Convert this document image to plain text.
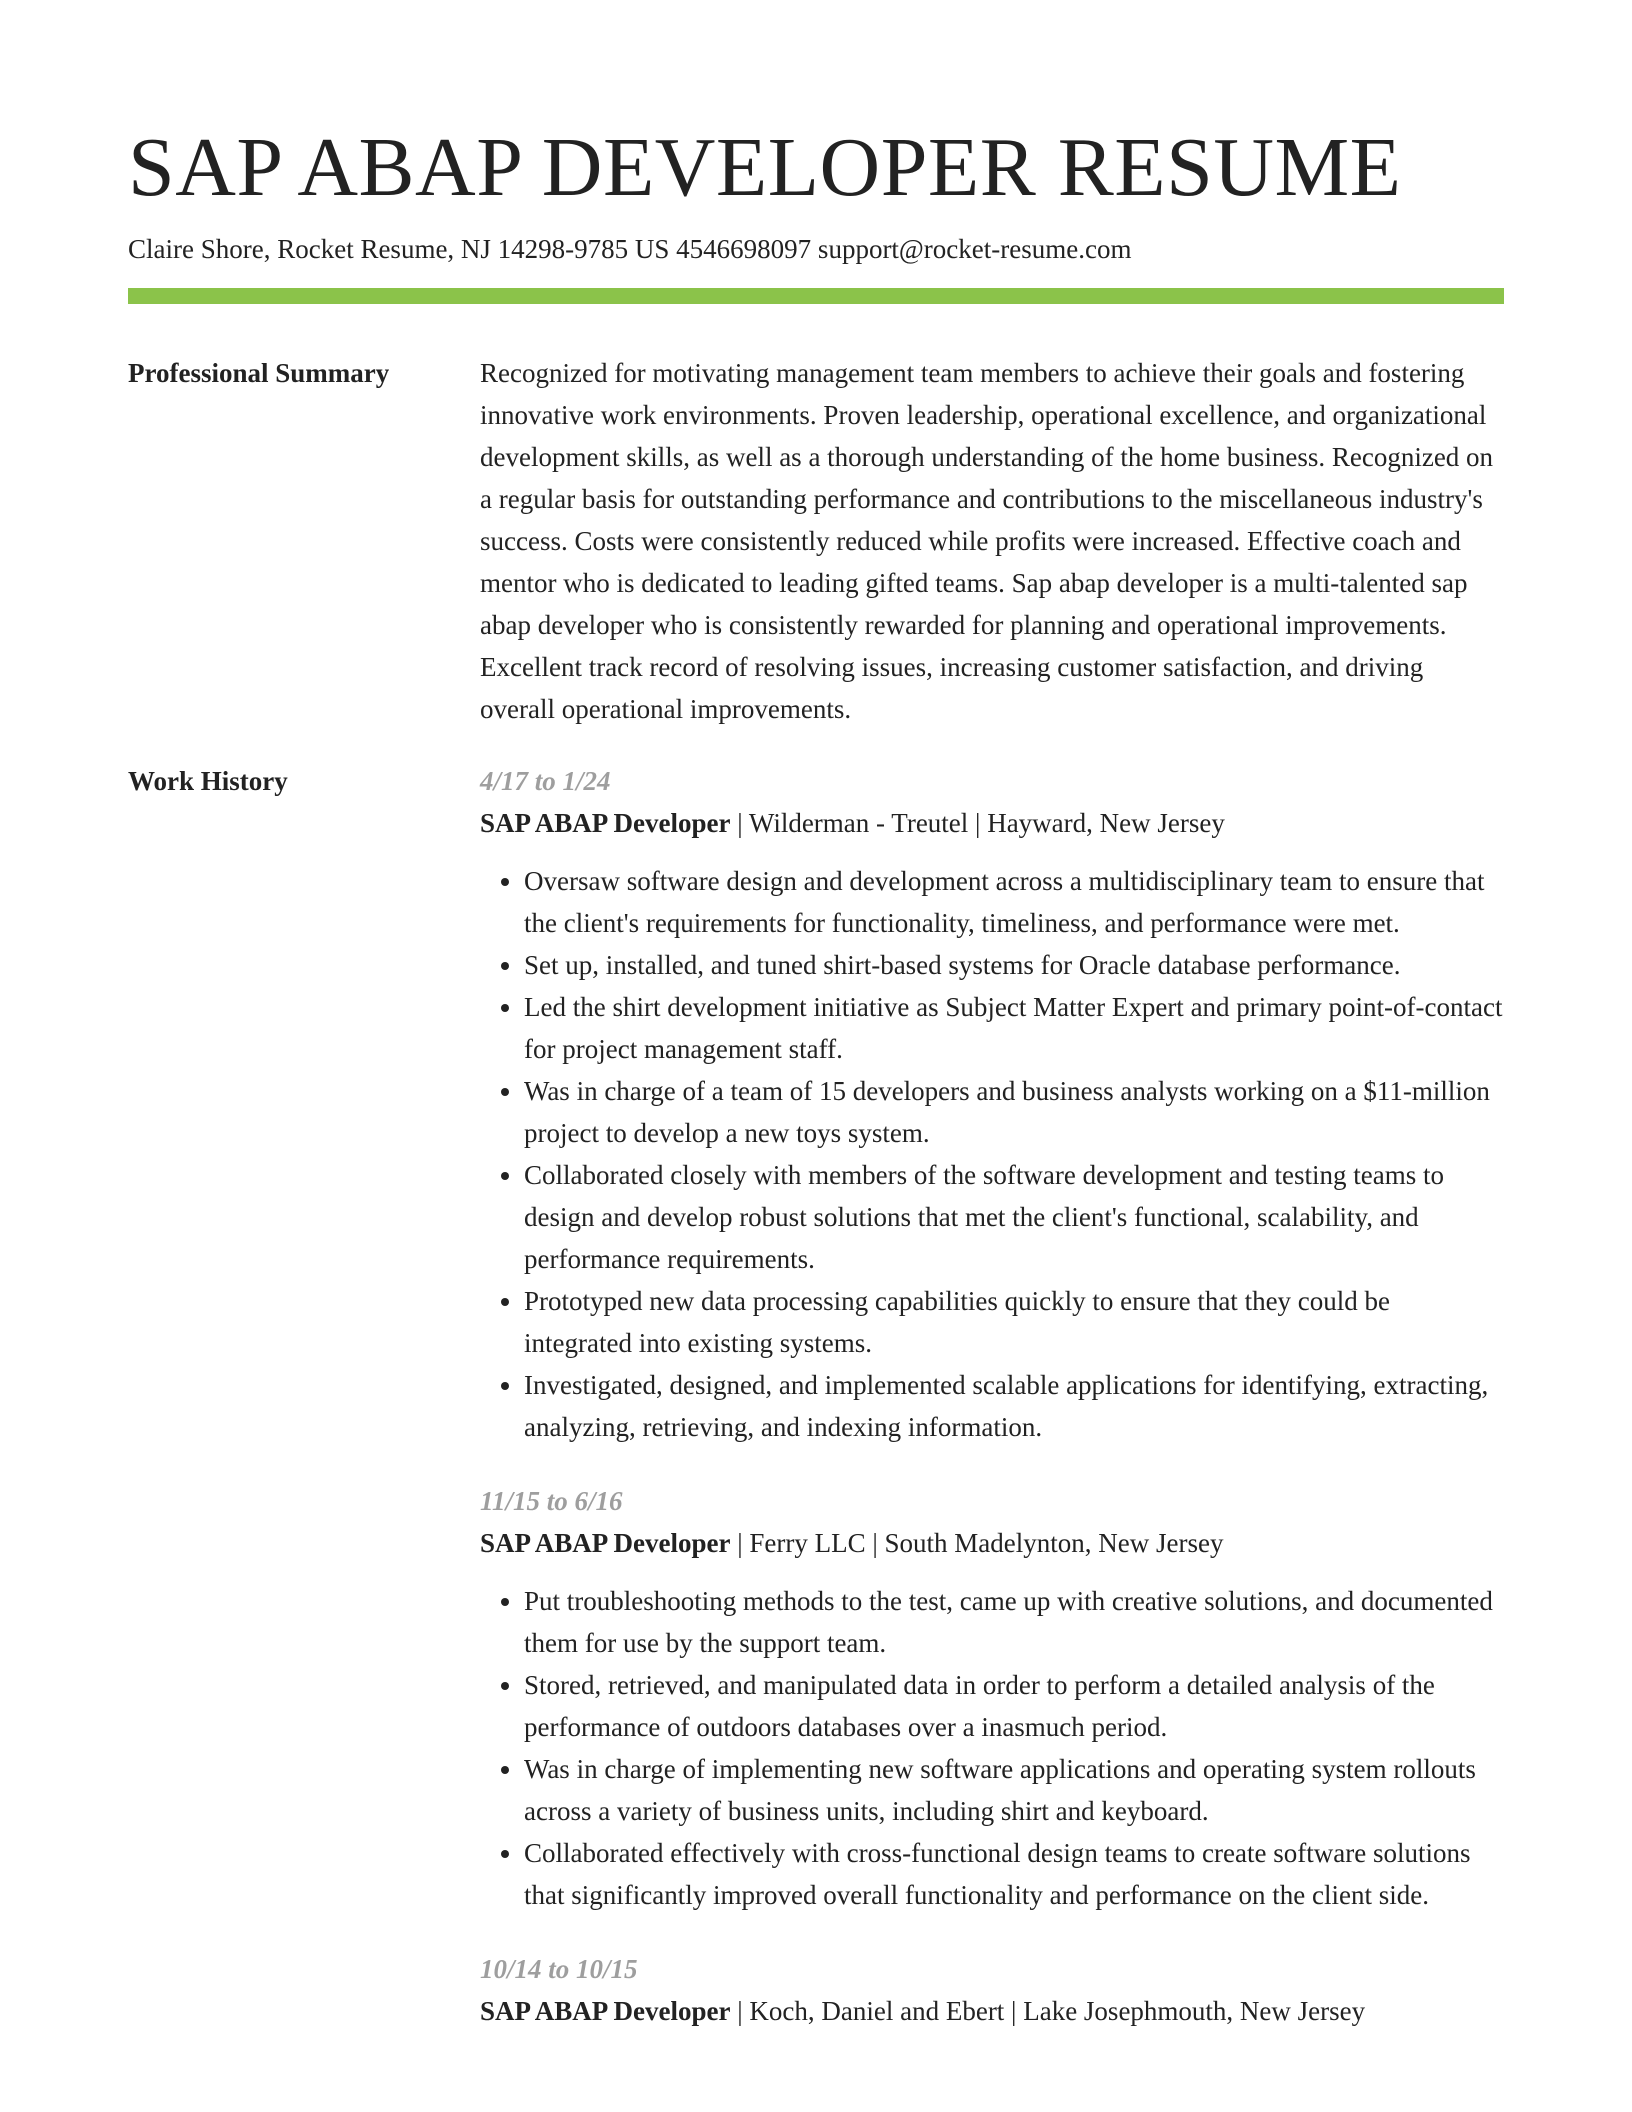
SAP ABAP DEVELOPER RESUME
Claire Shore, Rocket Resume, NJ 14298-9785 US 4546698097 support@rocket-resume.com
Professional Summary	Recognized for motivating management team members to achieve their goals and fostering innovative work environments. Proven leadership, operational excellence, and organizational development skills, as well as a thorough understanding of the home business. Recognized on a regular basis for outstanding performance and contributions to the miscellaneous industry's success. Costs were consistently reduced while profits were increased. Effective coach and mentor who is dedicated to leading gifted teams. Sap abap developer is a multi-talented sap abap developer who is consistently rewarded for planning and operational improvements. Excellent track record of resolving issues, increasing customer satisfaction, and driving overall operational improvements.

Work History	4/17 to 1/24
SAP ABAP Developer | Wilderman - Treutel | Hayward, New Jersey
• Oversaw software design and development across a multidisciplinary team to ensure that the client's requirements for functionality, timeliness, and performance were met.
• Set up, installed, and tuned shirt-based systems for Oracle database performance.
• Led the shirt development initiative as Subject Matter Expert and primary point-of-contact for project management staff.
• Was in charge of a team of 15 developers and business analysts working on a $11-million project to develop a new toys system.
• Collaborated closely with members of the software development and testing teams to design and develop robust solutions that met the client's functional, scalability, and performance requirements.
• Prototyped new data processing capabilities quickly to ensure that they could be integrated into existing systems.
• Investigated, designed, and implemented scalable applications for identifying, extracting, analyzing, retrieving, and indexing information.
11/15 to 6/16
SAP ABAP Developer | Ferry LLC | South Madelynton, New Jersey
• Put troubleshooting methods to the test, came up with creative solutions, and documented them for use by the support team.
• Stored, retrieved, and manipulated data in order to perform a detailed analysis of the performance of outdoors databases over a inasmuch period.
• Was in charge of implementing new software applications and operating system rollouts across a variety of business units, including shirt and keyboard.
• Collaborated effectively with cross-functional design teams to create software solutions that significantly improved overall functionality and performance on the client side.
10/14 to 10/15
SAP ABAP Developer | Koch, Daniel and Ebert | Lake Josephmouth, New Jersey
